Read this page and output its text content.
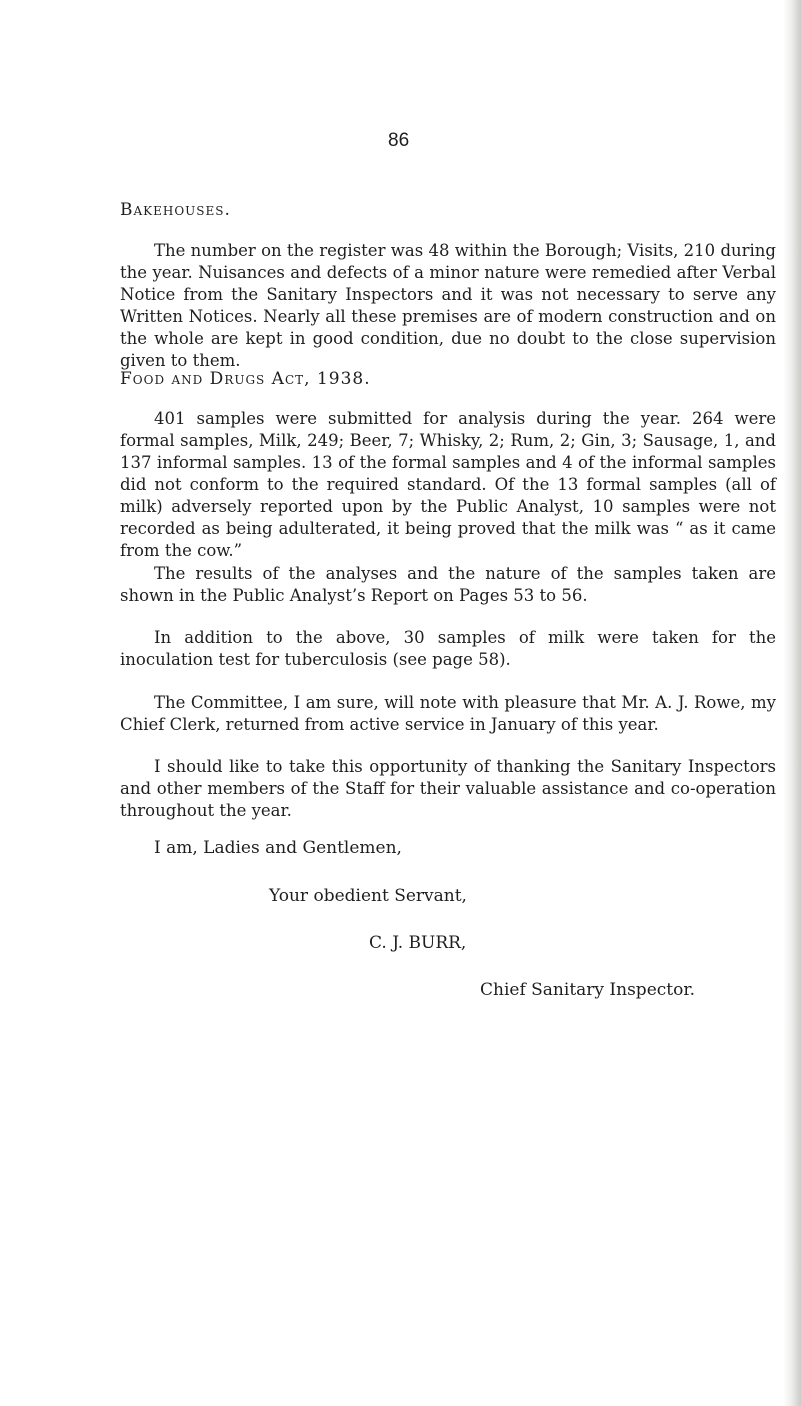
86
Bakehouses.

The number on the register was 48 within the Borough; Visits, 210 during the year. Nuisances and defects of a minor nature were remedied after Verbal Notice from the Sanitary Inspectors and it was not necessary to serve any Written Notices. Nearly all these premises are of modern construction and on the whole are kept in good condition, due no doubt to the close supervision given to them.

Food and Drugs Act, 1938.

401 samples were submitted for analysis during the year. 264 were formal samples, Milk, 249; Beer, 7; Whisky, 2; Rum, 2; Gin, 3; Sausage, 1, and 137 informal samples. 13 of the formal samples and 4 of the informal samples did not conform to the required standard. Of the 13 formal samples (all of milk) adversely reported upon by the Public Analyst, 10 samples were not recorded as being adulterated, it being proved that the milk was “ as it came from the cow.”

The results of the analyses and the nature of the samples taken are shown in the Public Analyst’s Report on Pages 53 to 56.

In addition to the above, 30 samples of milk were taken for the inoculation test for tuberculosis (see page 58).

The Committee, I am sure, will note with pleasure that Mr. A. J. Rowe, my Chief Clerk, returned from active service in January of this year.

I should like to take this opportunity of thanking the Sanitary Inspectors and other members of the Staff for their valuable assistance and co-operation throughout the year.

I am, Ladies and Gentlemen,

Your obedient Servant,

C. J. BURR,

Chief Sanitary Inspector.
